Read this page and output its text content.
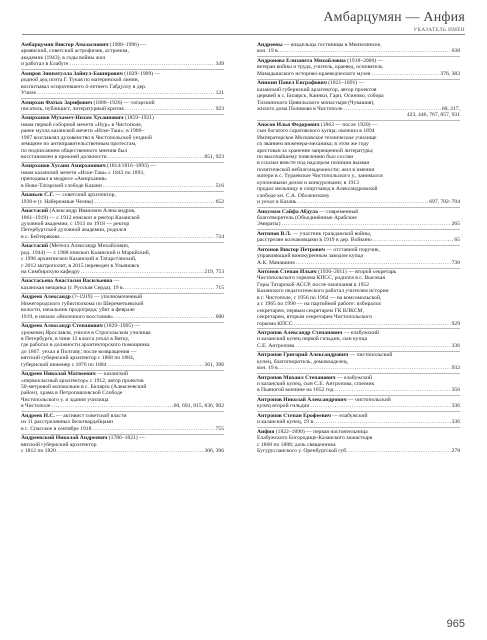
Амбарцумян — Анфия
УКАЗАТЕЛЬ ИМЕН
Амбарцумян Виктор Амазаспович (1908–1996) —
армянский, советский астрофизик, астроном,
академик (1943), в годы войны жил
и работал в Елабуге . . .	349
Амиров Зиннатулла Зайнул-Баширович (1829–1909) —
родной дед поэта Г. Тукая по материнской линии,
воспитывал осиротевшего 4-летнего Габдуллу в дер.
Училе . . .	121
Амирхан Фатых Зарифович (1886–1926) — татарский
писатель, публицист, литературный критик . . .	923
Амирханов Мухамет-Низам Хусаинович (1859–1921)
имам первой соборной мечети «Нур» в Чистополе,
ранее мулла казанской мечети «Иске-Таш»; в 1906–
1907 возглавлял духовенство в Чистопольской уездной
земщине по антиправительственным протестам,
по подписанием общественного мнения был
восстановлен в прежней должности . . .	851, 923
Амирханов Хусаин Амирханович (1814/1816–1893) —
имам казанской мечети «Иске-Таш» с 1843 по 1893,
преподавал в медресе «Амирхания»
в Ново-Татарской слободе Казани . . .	516
Ананьев С.Г. — советский архитектор,
1930-е (г. Набережные Челны) . . .	652
Анастасий (Александр Иванович Александров,
1861–1919) — с 1912 епископ и ректор Казанской
духовной академии, с 1913 по 1918 — ректор
Петербургской духовной академии, родился
в с. Бейтерякова . . .	724
Анастасий (Метелл Александр Михайлович,
род. 1944) — с 1988 епископ Казанский и Марийский,
с 1996 архиепископ Казанский и Татарстанский,
с 2012 митрополит, в 2015 переведен в Ульяновск
на Симбирскую кафедру . . .	219, 753
Анастасьева Анастасия Васильевна —
казанская мещанка (г. Русская Серда), 19 в. . . .	715
Андреев Александр (?–1919) — уполномоченный
Нижегородского губисполкома по Шереметьевской
волости, начальник продотряда; убит в феврале
1919, в начале «Вилочного восстания» . . .	680
Андреев Александр Степанович (1829–1905) —
уроженец Ярославля, учился в Строгальском училище
в Петербурге, в чине 12 класса уехал в Вятку,
где работал в должности архитекторского помощника
до 1867, уехал в Полтаву; после возвращения —
вятский губернский архитектор с 1868 по 1884,
губернский инженер с 1876 по 1884 . . .	361, 396
Андреев Николай Матвеевич — казанский
«первокласный архитектор» с 1912, автор проектов
50-метровой колокольни в с. Билярск (Алексеевский
район), храма в Петропавловской Слободе
Чистопольского у. и здания училища
в Чистополе . . .	60, 691, 815, 836, 902
Андреев Н.С. — активист советской власти
из 11 расстрелянных белогвардейцами
в с. Спасское в сентябре 1918 . . .	755
Андреевский Николай Андреевич (1786–1821) —
вятский губернский архитектор
с 1812 по 1820 . . .	306, 396
Андреевы — владельцы гостиницы в Мензелинске,
кон. 19 в. . . .	638
Андронова Елизавета Михайловна (1918–2000) —
ветеран войны и труда, учитель, краевед, основатель
Мамадышского историко-краеведческого музея . . .	376, 383
Аникин Павел Евграфович (1821–1891) —
казанский губернский архитектор, автор проектов
церквей в с. Билярск, Каинки, Гари, Осиново, собора
Тихвинского Цивильского монастыря (Чувашия),
жилого дома Поливова в Чистополе . . .	60, 217,
423, 446, 767, 857, 931
Аносов Илья Федорович (1863 — после 1920) —
сын богатого саратовского купца; окончил в 1894
Императорское Московское техническое училище
со званием инженера-механика; в этом же году
арестован за хранение запрещенной литературы;
по высочайшему повелению был сослан
в ссылки вместе под надзором полиции вызван
политической неблагонадежности; жил в имении
матери в с. Тураевское Чистопольского у., занимался
купоновыми делом и конкурсными; в 1913
продал мельницу и спиртзавод в Александровской
слободе кн. С.А. Оболенскому
и уехал в Казань . . .	697, 702–704
Анкумам Сайфа Абдула — современный
благотворитель (Объединённые Арабские
Эмираты) . . .	265
Антипов В.Л. — участник гражданской войны,
расстрелян колчаковцами в 1919 в дер. Войкино . . .	65
Антонов Виктор Петрович — отставной поручик,
управляющий винокуренным заводом купца
А.К. Манашина . . .	730
Антонов Степан Ильич (1930–2011) — второй секретарь
Чистопольского горкома КПСС, родился в с. Высокая
Горы Татарской АССР, после окончания в 1952
Казанского педагогического работал учителем истории
в г. Чистополе, с 1956 по 1964 — на комсомольской,
а с 1965 по 1990 — на партийной работе: избирался
секретарем, первым секретарем ГК ВЛКСМ,
секретарем, вторым секретарем Чистопольского
горкома КПСС . . .	929
Антропов Александр Степанович — елабужский
и казанский купец первой гильдии, сын купца
С.Е. Антропова . . .	336
Антропов Григорий Александрович — чистопольский
купец, благотворитель, домовладелец,
кон. 19 в. . . .	932
Антропов Михаил Степанович — елабужский
и казанский купец, сын С.Е. Антропова, спичник
в Пьяногой кончине на 1852 год . . .	356
Антропов Николай Александрович — чистопольский
купец второй гильдии . . .	336
Антропов Степан Ерофеевич — елабужский
и казанский купец, 19 в. . . .	336
Анфия (1822–1890) — первая настоятельница
Елабужского Богородице-Казанского монастыря
с 1868 по 1888; дочь священника
Бугурусланского у. Оренбургской губ. . . .	278
965
